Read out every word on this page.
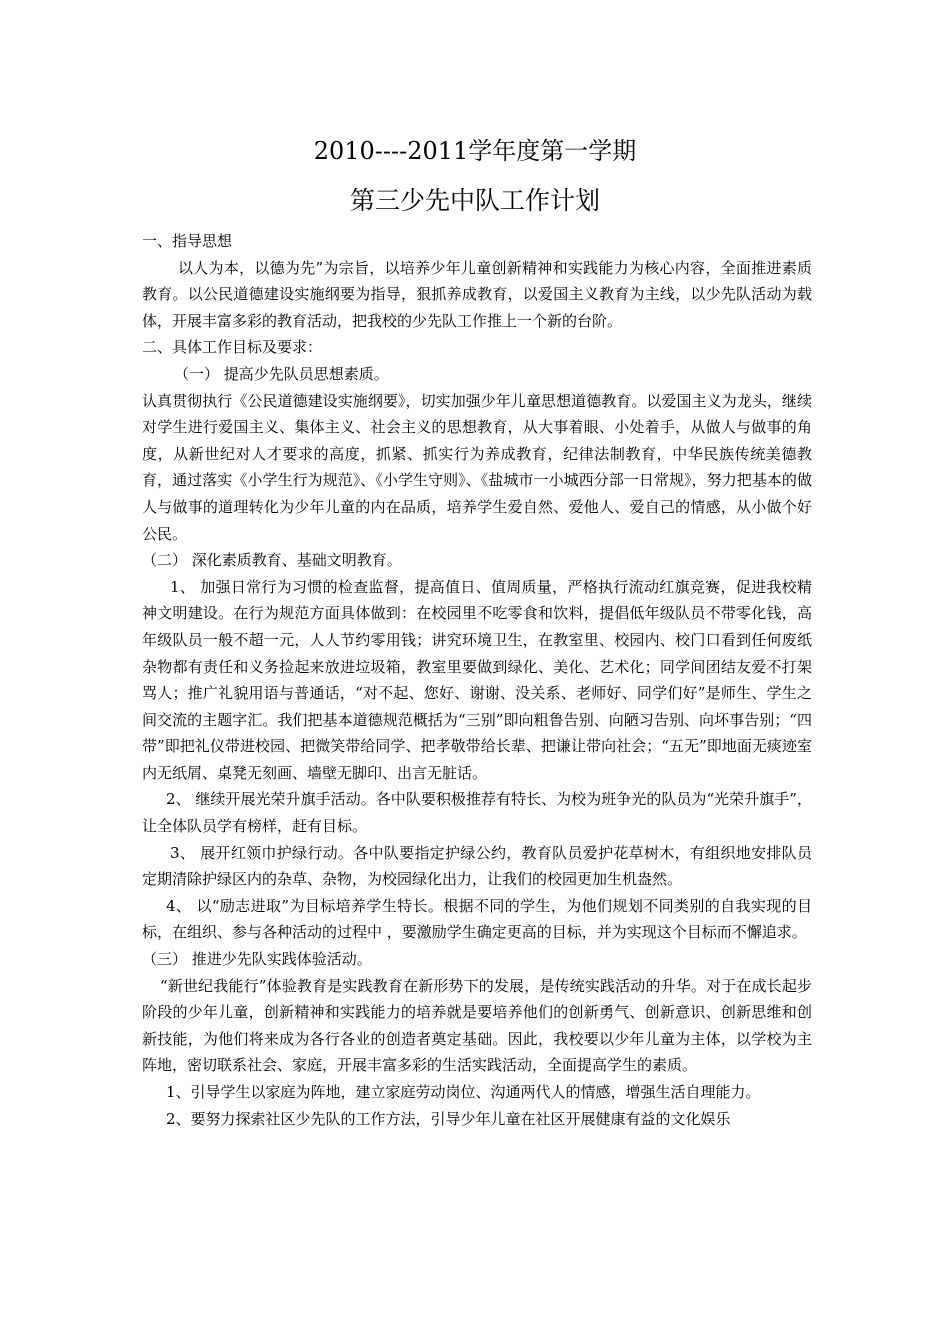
2010----2011学年度第一学期
第三少先中队工作计划

一、指导思想

以人为本，以德为先”为宗旨，以培养少年儿童创新精神和实践能力为核心内容，全面推进素质教育。以公民道德建设实施纲要为指导，狠抓养成教育，以爱国主义教育为主线，以少先队活动为载体，开展丰富多彩的教育活动，把我校的少先队工作推上一个新的台阶。

二、具体工作目标及要求：

（一） 提高少先队员思想素质。

认真贯彻执行《公民道德建设实施纲要》，切实加强少年儿童思想道德教育。以爱国主义为龙头，继续对学生进行爱国主义、集体主义、社会主义的思想教育，从大事着眼、小处着手，从做人与做事的角度，从新世纪对人才要求的高度，抓紧、抓实行为养成教育，纪律法制教育，中华民族传统美德教育，通过落实《小学生行为规范》、《小学生守则》、《盐城市一小城西分部一日常规》，努力把基本的做人与做事的道理转化为少年儿童的内在品质，培养学生爱自然、爱他人、爱自己的情感，从小做个好公民。

（二） 深化素质教育、基础文明教育。

1、 加强日常行为习惯的检查监督，提高值日、值周质量，严格执行流动红旗竞赛，促进我校精神文明建设。在行为规范方面具体做到：在校园里不吃零食和饮料，提倡低年级队员不带零化钱，高年级队员一般不超一元，人人节约零用钱；讲究环境卫生，在教室里、校园内、校门口看到任何废纸杂物都有责任和义务捡起来放进垃圾箱，教室里要做到绿化、美化、艺术化；同学间团结友爱不打架骂人；推广礼貌用语与普通话，“对不起、您好、谢谢、没关系、老师好、同学们好”是师生、学生之间交流的主题字汇。我们把基本道德规范概括为“三别”即向粗鲁告别、向陋习告别、向坏事告别；“四带”即把礼仪带进校园、把微笑带给同学、把孝敬带给长辈、把谦让带向社会；“五无”即地面无痰迹室内无纸屑、桌凳无刻画、墙壁无脚印、出言无脏话。

2、 继续开展光荣升旗手活动。各中队要积极推荐有特长、为校为班争光的队员为“光荣升旗手”，让全体队员学有榜样，赶有目标。

3、 展开红领巾护绿行动。各中队要指定护绿公约，教育队员爱护花草树木，有组织地安排队员定期清除护绿区内的杂草、杂物，为校园绿化出力，让我们的校园更加生机盎然。

4、 以“励志进取”为目标培养学生特长。根据不同的学生，为他们规划不同类别的自我实现的目标，在组织、参与各种活动的过程中 ，要激励学生确定更高的目标，并为实现这个目标而不懈追求。

（三） 推进少先队实践体验活动。

“新世纪我能行”体验教育是实践教育在新形势下的发展，是传统实践活动的升华。对于在成长起步阶段的少年儿童，创新精神和实践能力的培养就是要培养他们的创新勇气、创新意识、创新思维和创新技能，为他们将来成为各行各业的创造者奠定基础。因此，我校要以少年儿童为主体，以学校为主阵地，密切联系社会、家庭，开展丰富多彩的生活实践活动，全面提高学生的素质。

1、引导学生以家庭为阵地，建立家庭劳动岗位、沟通两代人的情感，增强生活自理能力。

2、要努力探索社区少先队的工作方法，引导少年儿童在社区开展健康有益的文化娱乐
